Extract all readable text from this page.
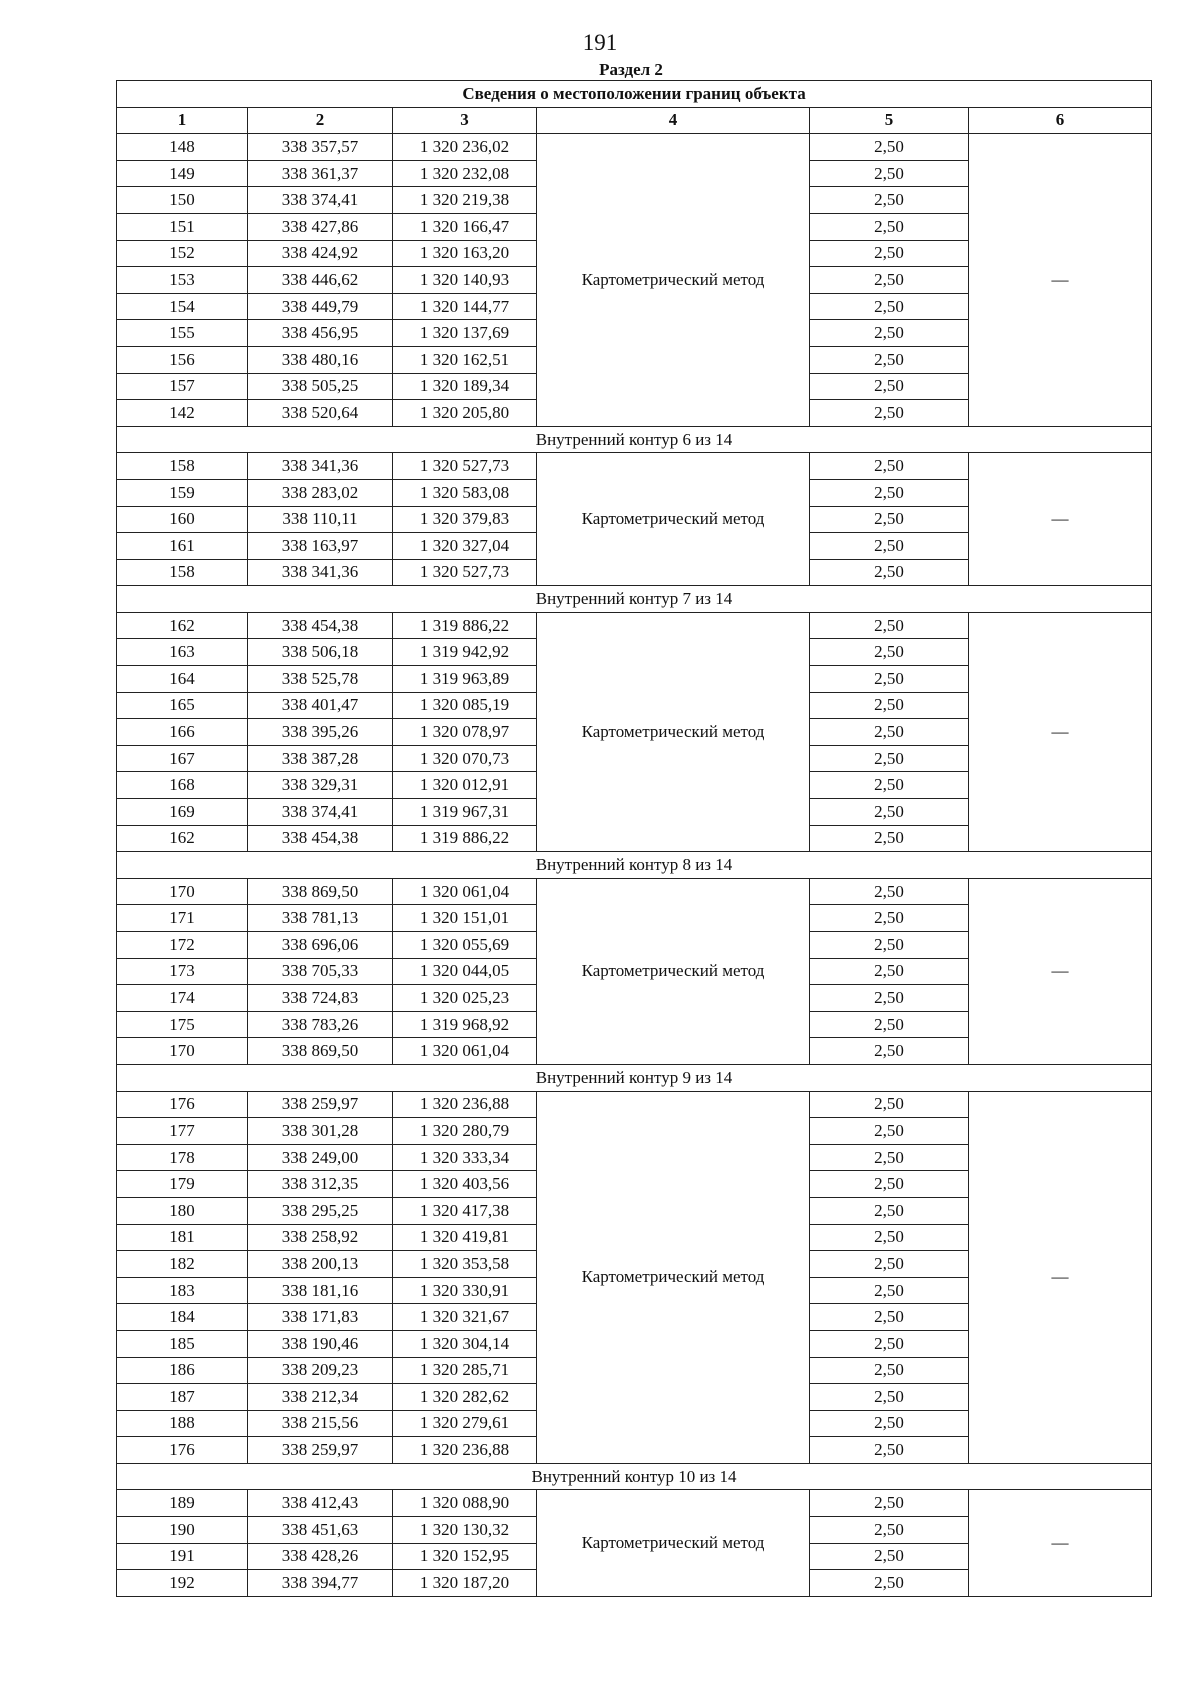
191
Раздел 2
Сведения о местоположении границ объекта					
1	2	3	4	5	6
148	338 357,57	1 320 236,02	Картометрический метод	2,50	—
149	338 361,37	1 320 232,08		2,50	
150	338 374,41	1 320 219,38		2,50	
151	338 427,86	1 320 166,47		2,50	
152	338 424,92	1 320 163,20		2,50	
153	338 446,62	1 320 140,93		2,50	
154	338 449,79	1 320 144,77		2,50	
155	338 456,95	1 320 137,69		2,50	
156	338 480,16	1 320 162,51		2,50	
157	338 505,25	1 320 189,34		2,50	
142	338 520,64	1 320 205,80		2,50	
Внутренний контур 6 из 14					
158	338 341,36	1 320 527,73	Картометрический метод	2,50	—
159	338 283,02	1 320 583,08		2,50	
160	338 110,11	1 320 379,83		2,50	
161	338 163,97	1 320 327,04		2,50	
158	338 341,36	1 320 527,73		2,50	
Внутренний контур 7 из 14					
162	338 454,38	1 319 886,22	Картометрический метод	2,50	—
163	338 506,18	1 319 942,92		2,50	
164	338 525,78	1 319 963,89		2,50	
165	338 401,47	1 320 085,19		2,50	
166	338 395,26	1 320 078,97		2,50	
167	338 387,28	1 320 070,73		2,50	
168	338 329,31	1 320 012,91		2,50	
169	338 374,41	1 319 967,31		2,50	
162	338 454,38	1 319 886,22		2,50	
Внутренний контур 8 из 14					
170	338 869,50	1 320 061,04	Картометрический метод	2,50	—
171	338 781,13	1 320 151,01		2,50	
172	338 696,06	1 320 055,69		2,50	
173	338 705,33	1 320 044,05		2,50	
174	338 724,83	1 320 025,23		2,50	
175	338 783,26	1 319 968,92		2,50	
170	338 869,50	1 320 061,04		2,50	
Внутренний контур 9 из 14					
176	338 259,97	1 320 236,88	Картометрический метод	2,50	—
177	338 301,28	1 320 280,79		2,50	
178	338 249,00	1 320 333,34		2,50	
179	338 312,35	1 320 403,56		2,50	
180	338 295,25	1 320 417,38		2,50	
181	338 258,92	1 320 419,81		2,50	
182	338 200,13	1 320 353,58		2,50	
183	338 181,16	1 320 330,91		2,50	
184	338 171,83	1 320 321,67		2,50	
185	338 190,46	1 320 304,14		2,50	
186	338 209,23	1 320 285,71		2,50	
187	338 212,34	1 320 282,62		2,50	
188	338 215,56	1 320 279,61		2,50	
176	338 259,97	1 320 236,88		2,50	
Внутренний контур 10 из 14					
189	338 412,43	1 320 088,90	Картометрический метод	2,50	—
190	338 451,63	1 320 130,32		2,50	
191	338 428,26	1 320 152,95		2,50	
192	338 394,77	1 320 187,20		2,50	
